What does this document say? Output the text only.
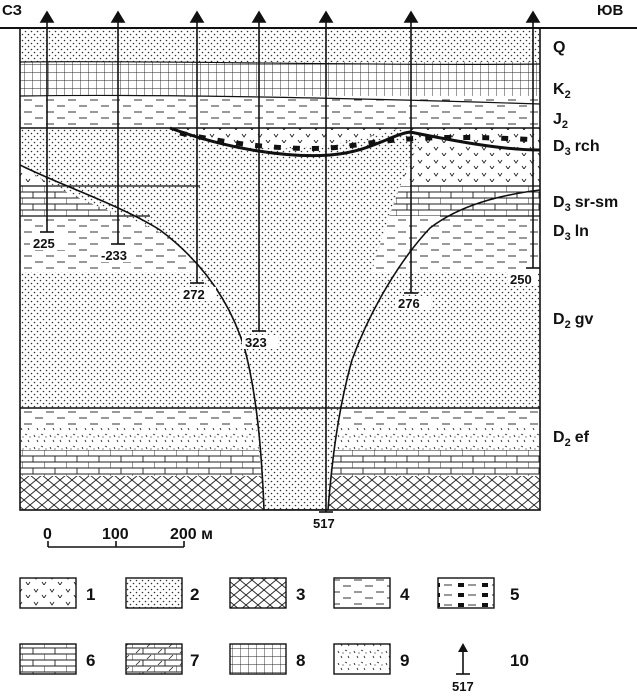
225
-233
272
323
517
276
250
СЗ	ЮВ
Q
$K_2$
$J_2$
$D_3$ rch
$D_3$ sr-sm
$D_3$ ln
$D_2$ gv
$D_2$ ef
0	100	200 м
1	2	3	4	5
6	7	8	9
517
10
